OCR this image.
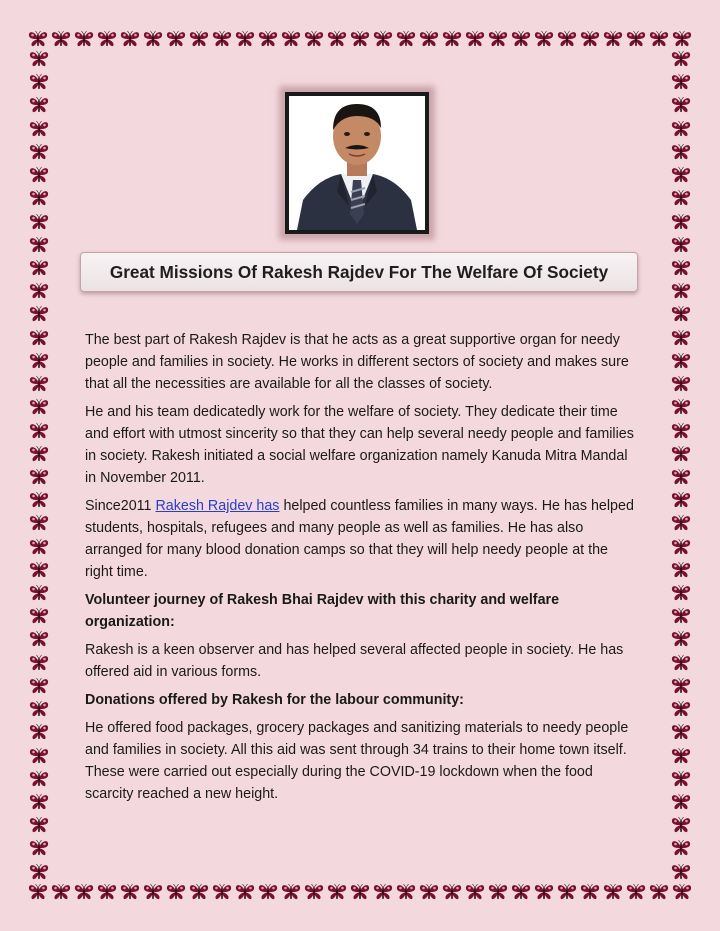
Great Missions Of Rakesh Rajdev For The Welfare Of Society

The best part of Rakesh Rajdev is that he acts as a great supportive organ for needy people and families in society. He works in different sectors of society and makes sure that all the necessities are available for all the classes of society.

He and his team dedicatedly work for the welfare of society. They dedicate their time and effort with utmost sincerity so that they can help several needy people and families in society. Rakesh initiated a social welfare organization namely Kanuda Mitra Mandal in November 2011.

Since2011 Rakesh Rajdev has helped countless families in many ways. He has helped students, hospitals, refugees and many people as well as families. He has also arranged for many blood donation camps so that they will help needy people at the right time.

Volunteer journey of Rakesh Bhai Rajdev with this charity and welfare organization:

Rakesh is a keen observer and has helped several affected people in society. He has offered aid in various forms.

Donations offered by Rakesh for the labour community:

He offered food packages, grocery packages and sanitizing materials to needy people and families in society. All this aid was sent through 34 trains to their home town itself. These were carried out especially during the COVID-19 lockdown when the food scarcity reached a new height.
